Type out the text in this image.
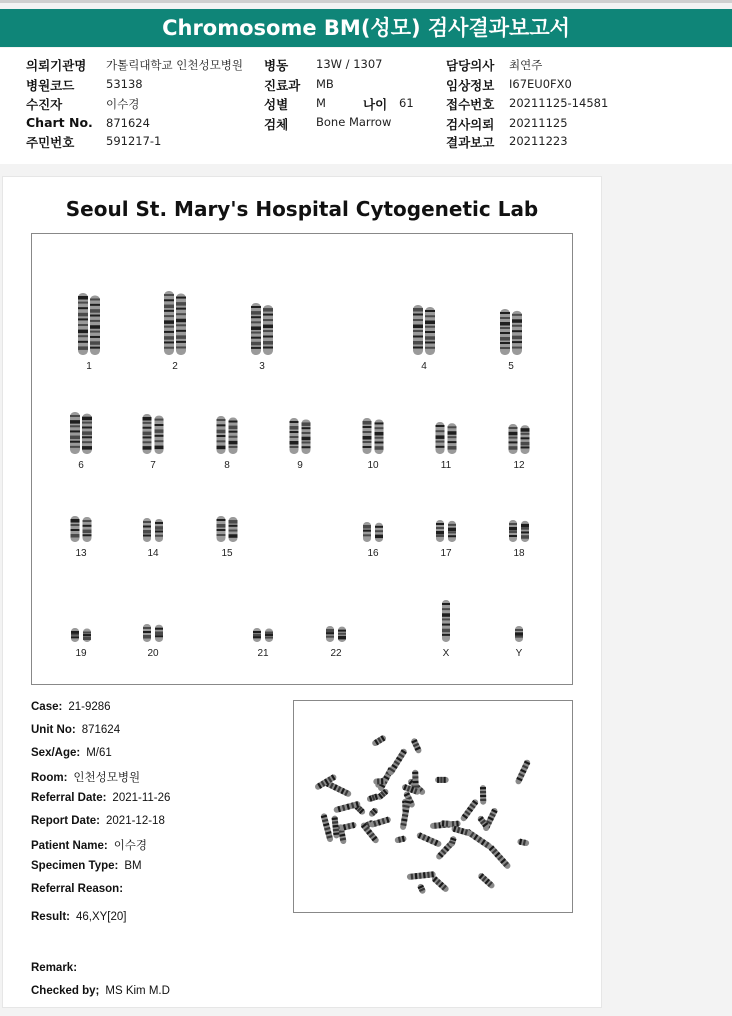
Chromosome BM(성모) 검사결과보고서
의뢰기관명 가톨릭대학교 인천성모병원
병원코드	53138
수진자	이수경
Chart No. 871624
주민번호	591217-1
병동 13W / 1307
진료과 MB
성별 M	나이 61
검체 Bone Marrow
담당의사 최연주
임상정보 I67EU0FX0
접수번호 20211125-14581
검사의뢰 20211125
결과보고 20211223
Seoul St. Mary's Hospital Cytogenetic Lab
1	2	3	4	5
6	7	8	9	10	11	12
13	14	15	16	17	18
19	20	21	22	X	Y
Case: 21-9286
Unit No: 871624
Sex/Age: M/61
Room: 인천성모병원
Referral Date: 2021-11-26
Report Date: 2021-12-18
Patient Name: 이수경
Specimen Type: BM
Referral Reason:
Result: 46,XY[20]
Remark:
Checked by; MS Kim M.D
